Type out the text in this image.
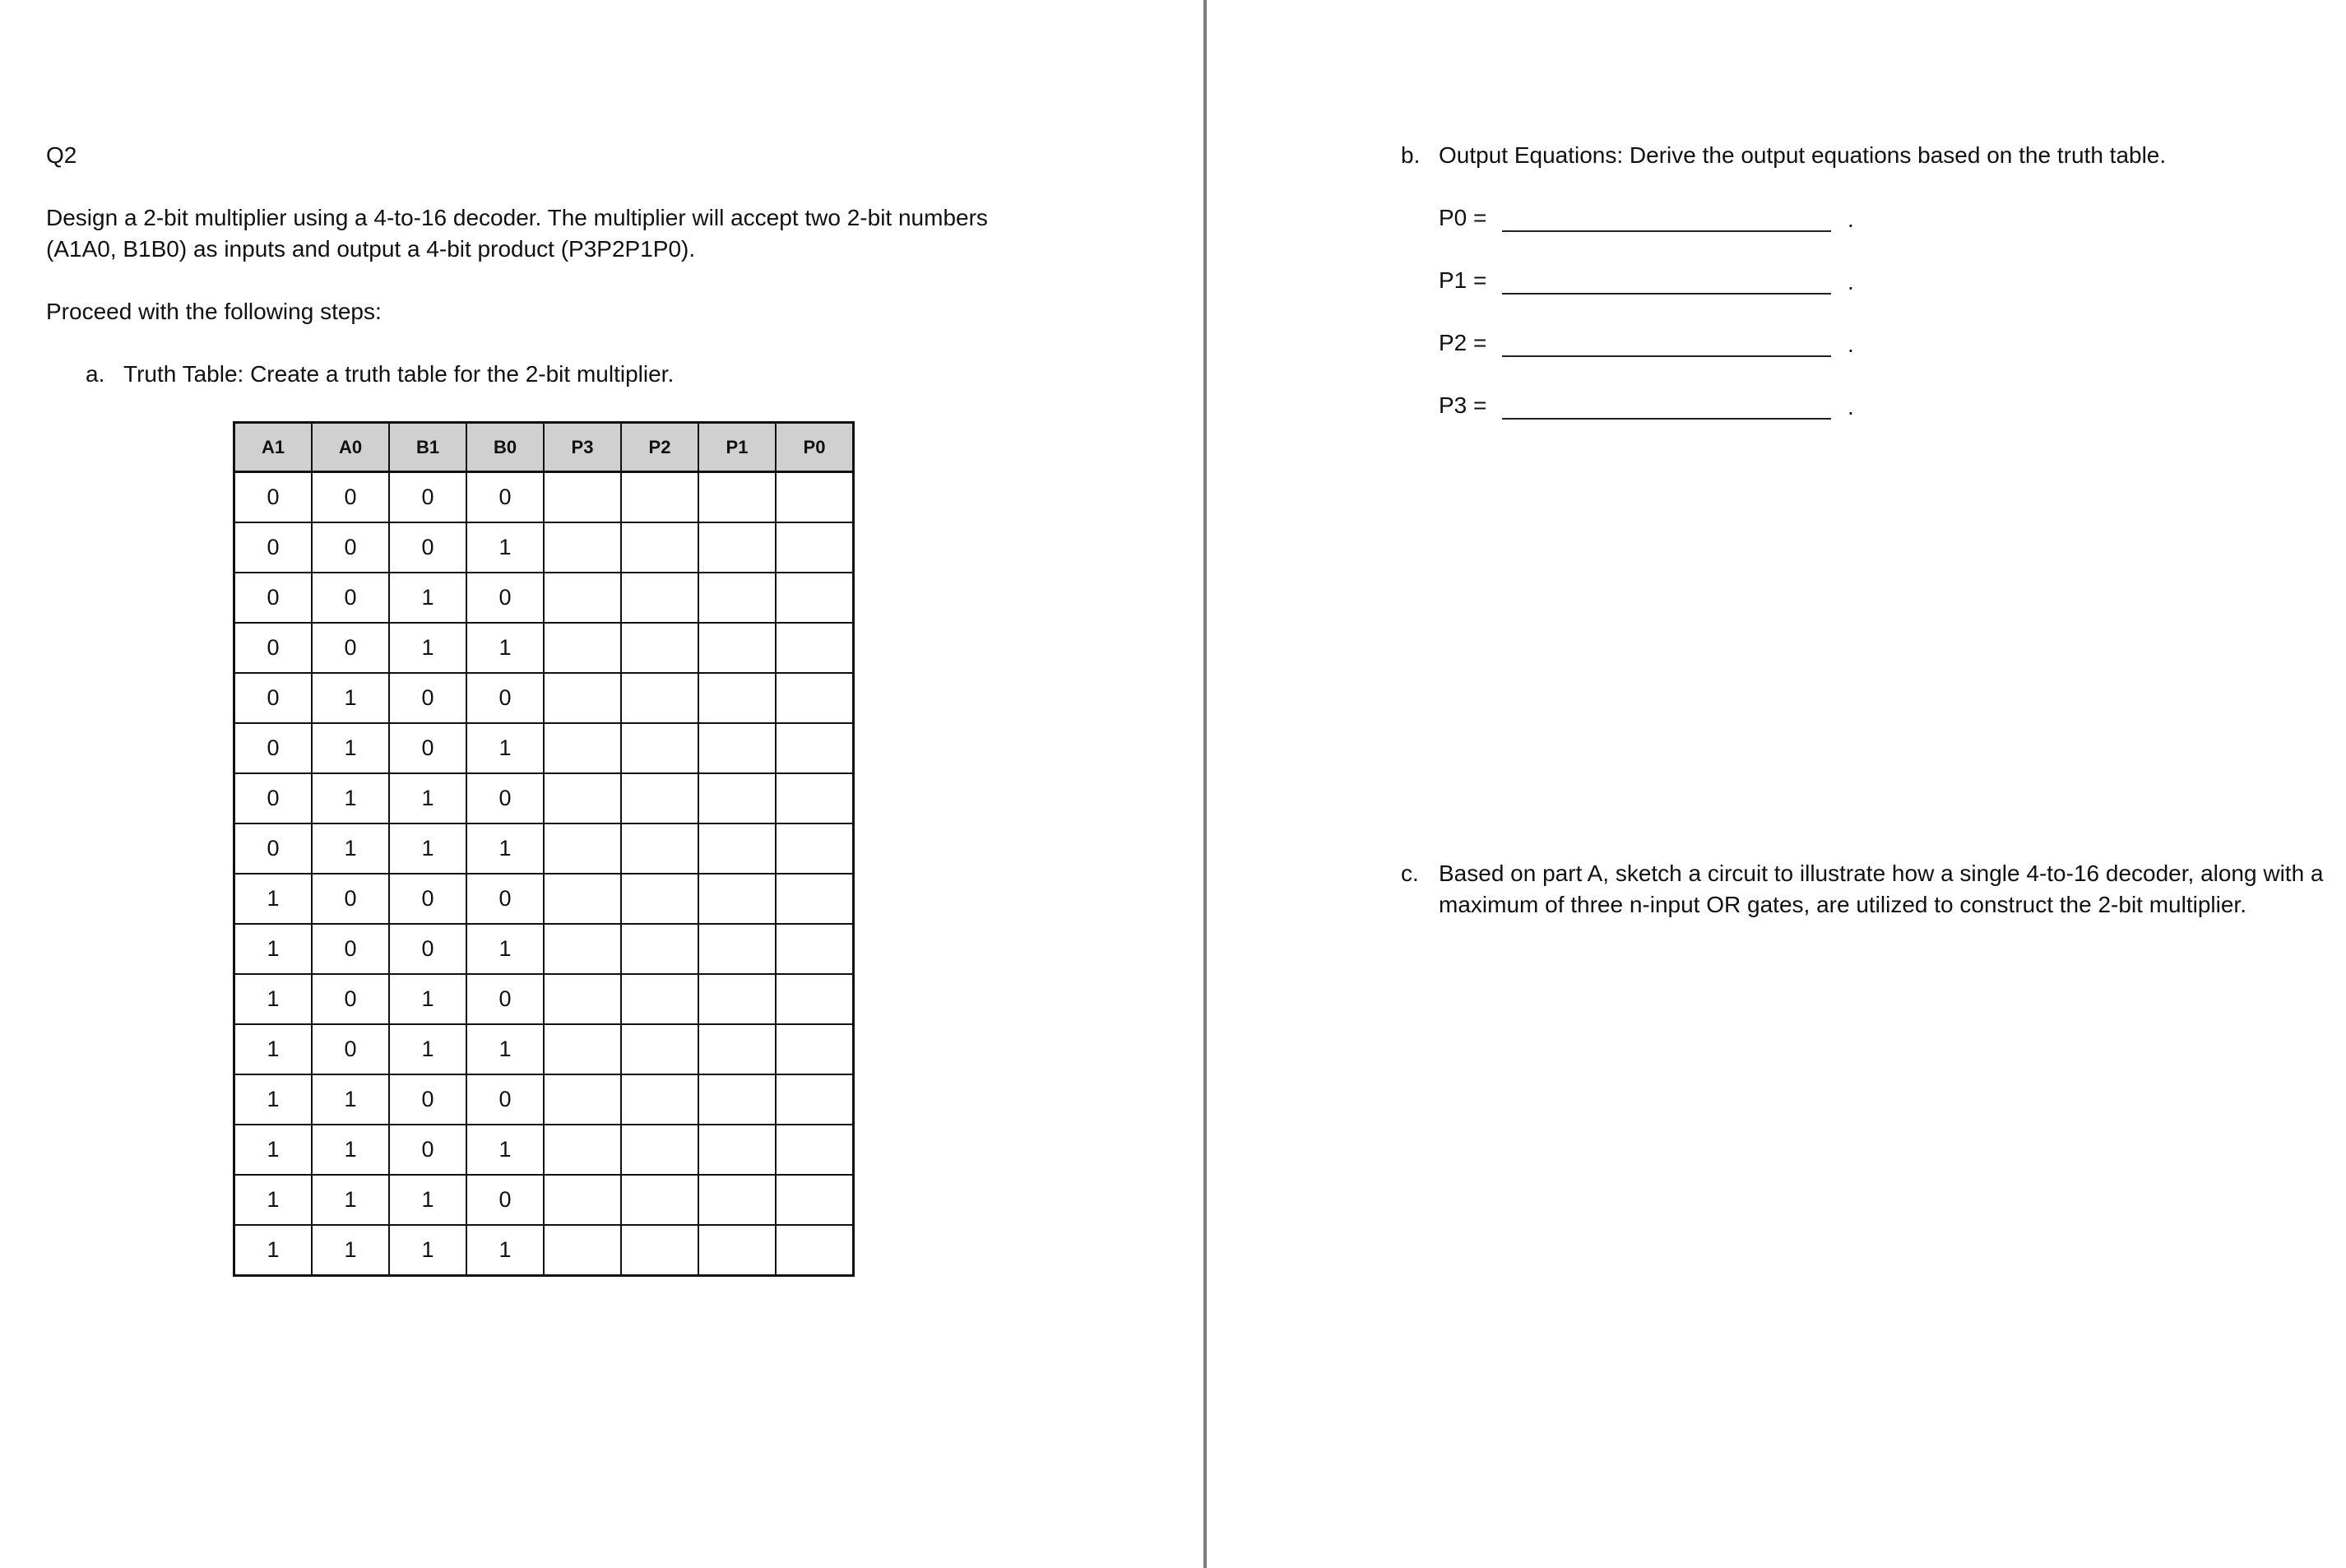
Q2

Design a 2-bit multiplier using a 4-to-16 decoder. The multiplier will accept two 2-bit numbers

(A1A0, B1B0) as inputs and output a 4-bit product (P3P2P1P0).

Proceed with the following steps:

a. Truth Table: Create a truth table for the 2-bit multiplier.

A1	A0	B1	B0	P3	P2	P1	P0
0	0	0	0				
0	0	0	1				
0	0	1	0				
0	0	1	1				
0	1	0	0				
0	1	0	1				
0	1	1	0				
0	1	1	1				
1	0	0	0				
1	0	0	1				
1	0	1	0				
1	0	1	1				
1	1	0	0				
1	1	0	1				
1	1	1	0				
1	1	1	1				
b. Output Equations: Derive the output equations based on the truth table.

P0 =	.
P1 =	.
P2 =	.
P3 =	.
c. Based on part A, sketch a circuit to illustrate how a single 4-to-16 decoder, along with a

maximum of three n-input OR gates, are utilized to construct the 2-bit multiplier.
